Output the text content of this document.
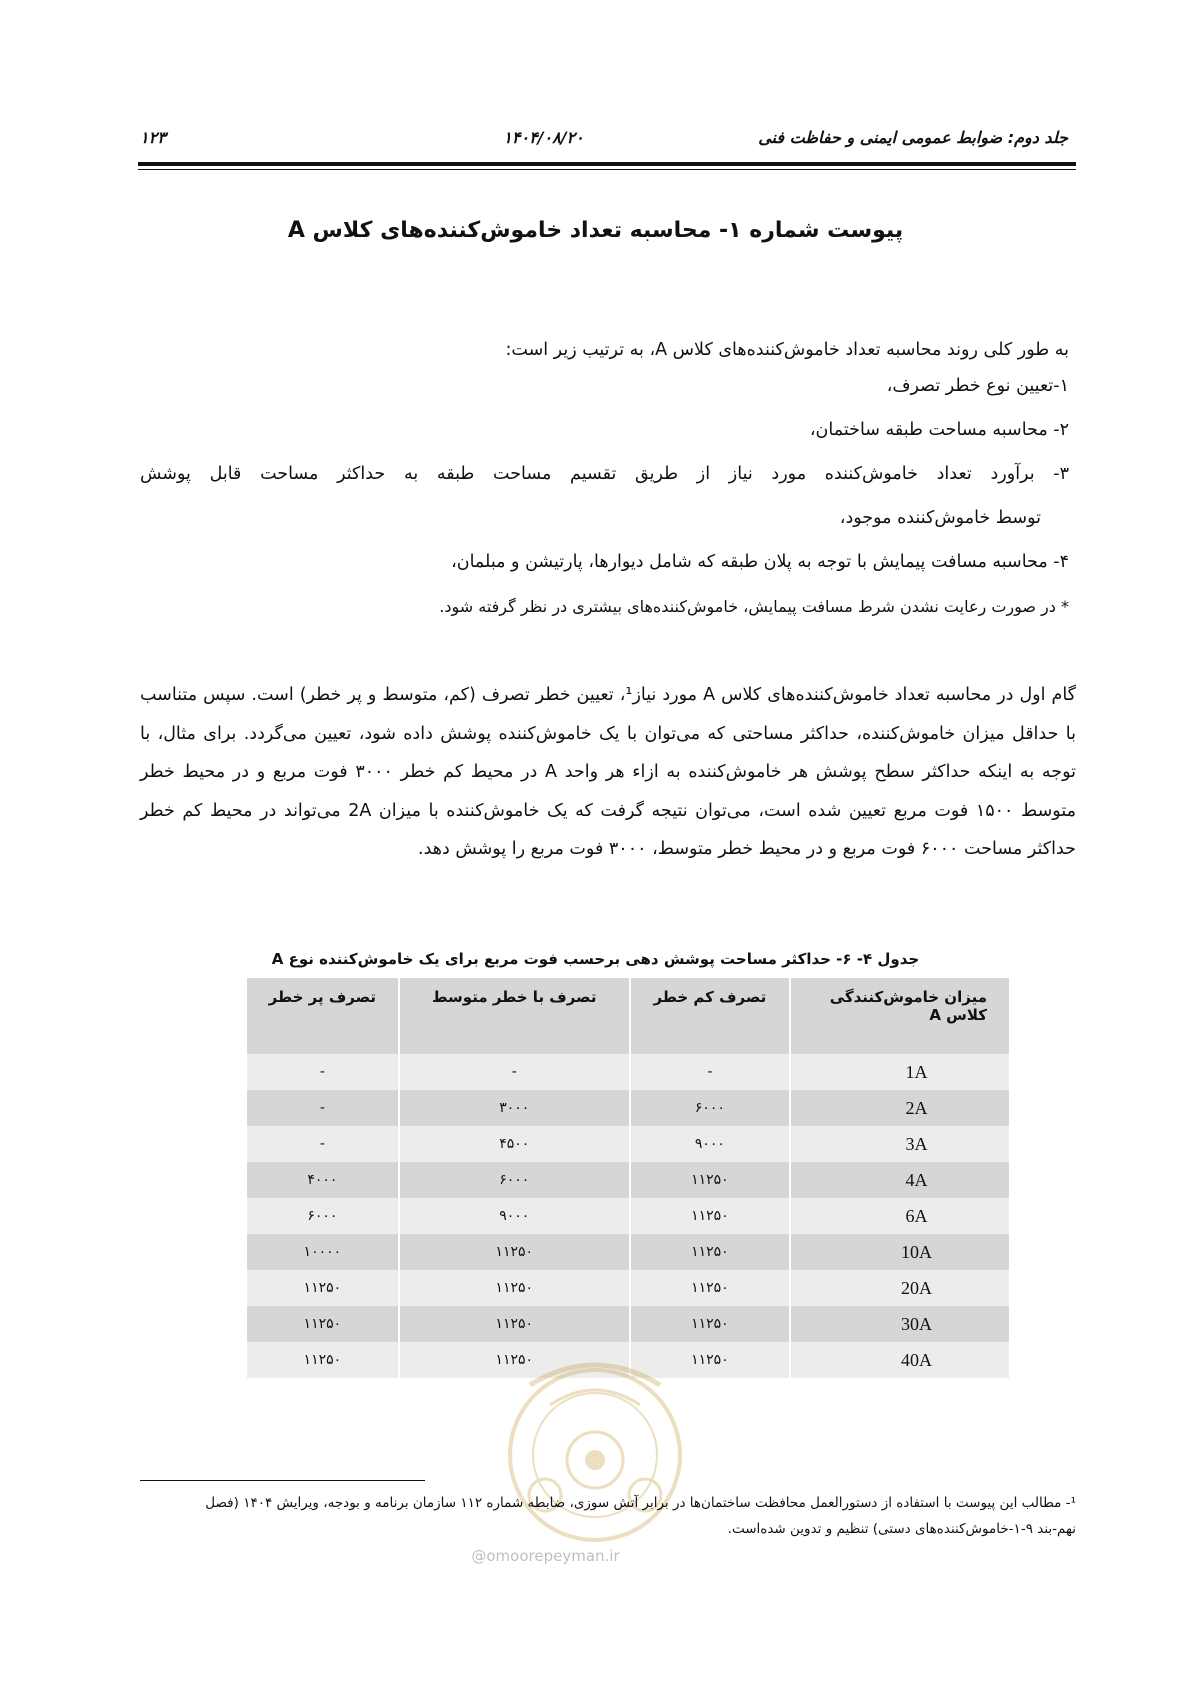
جلد دوم: ضوابط عمومی ایمنی و حفاظت فنی
۱۴۰۴/۰۸/۲۰
۱۲۳
پیوست شماره ۱- محاسبه تعداد خاموش‌کننده‌های کلاس A
به طور کلی روند محاسبه تعداد خاموش‌کننده‌های کلاس A، به ترتیب زیر است:
۱-تعیین نوع خطر تصرف،
۲- محاسبه مساحت طبقه ساختمان،
۳- برآورد تعداد خاموش‌کننده مورد نیاز از طریق تقسیم مساحت طبقه به حداکثر مساحت قابل پوشش
توسط خاموش‌کننده موجود،
۴- محاسبه مسافت پیمایش با توجه به پلان طبقه که شامل دیوارها، پارتیشن و مبلمان،
* در صورت رعایت نشدن شرط مسافت پیمایش، خاموش‌کننده‌های بیشتری در نظر گرفته شود.
گام اول در محاسبه تعداد خاموش‌کننده‌های کلاس A مورد نیاز¹، تعیین خطر تصرف (کم، متوسط و پر خطر) است. سپس متناسب با حداقل میزان خاموش‌کننده، حداکثر مساحتی که می‌توان با یک خاموش‌کننده پوشش داده شود، تعیین می‌گردد. برای مثال، با توجه به اینکه حداکثر سطح پوشش هر خاموش‌کننده به ازاء هر واحد A در محیط کم خطر ۳۰۰۰ فوت مربع و در محیط خطر متوسط ۱۵۰۰ فوت مربع تعیین شده است، می‌توان نتیجه گرفت که یک خاموش‌کننده با میزان 2A می‌تواند در محیط کم خطر حداکثر مساحت ۶۰۰۰ فوت مربع و در محیط خطر متوسط، ۳۰۰۰ فوت مربع را پوشش دهد.
جدول ۴- ۶- حداکثر مساحت پوشش دهی برحسب فوت مربع برای یک خاموش‌کننده نوع A
میزان خاموش‌کنندگی کلاس A	تصرف کم خطر	تصرف با خطر متوسط	تصرف پر خطر
1A	-	-	-
2A	۶۰۰۰	۳۰۰۰	-
3A	۹۰۰۰	۴۵۰۰	-
4A	۱۱۲۵۰	۶۰۰۰	۴۰۰۰
6A	۱۱۲۵۰	۹۰۰۰	۶۰۰۰
10A	۱۱۲۵۰	۱۱۲۵۰	۱۰۰۰۰
20A	۱۱۲۵۰	۱۱۲۵۰	۱۱۲۵۰
30A	۱۱۲۵۰	۱۱۲۵۰	۱۱۲۵۰
40A	۱۱۲۵۰	۱۱۲۵۰	۱۱۲۵۰
@omoorepeyman.ir
¹- مطالب این پیوست با استفاده از دستورالعمل محافظت ساختمان‌ها در برابر آتش سوزی، ضابطه شماره ۱۱۲ سازمان برنامه و بودجه، ویرایش ۱۴۰۴ (فصل
نهم-بند ۹-۱-خاموش‌کننده‌های دستی) تنظیم و تدوین شده‌است.
